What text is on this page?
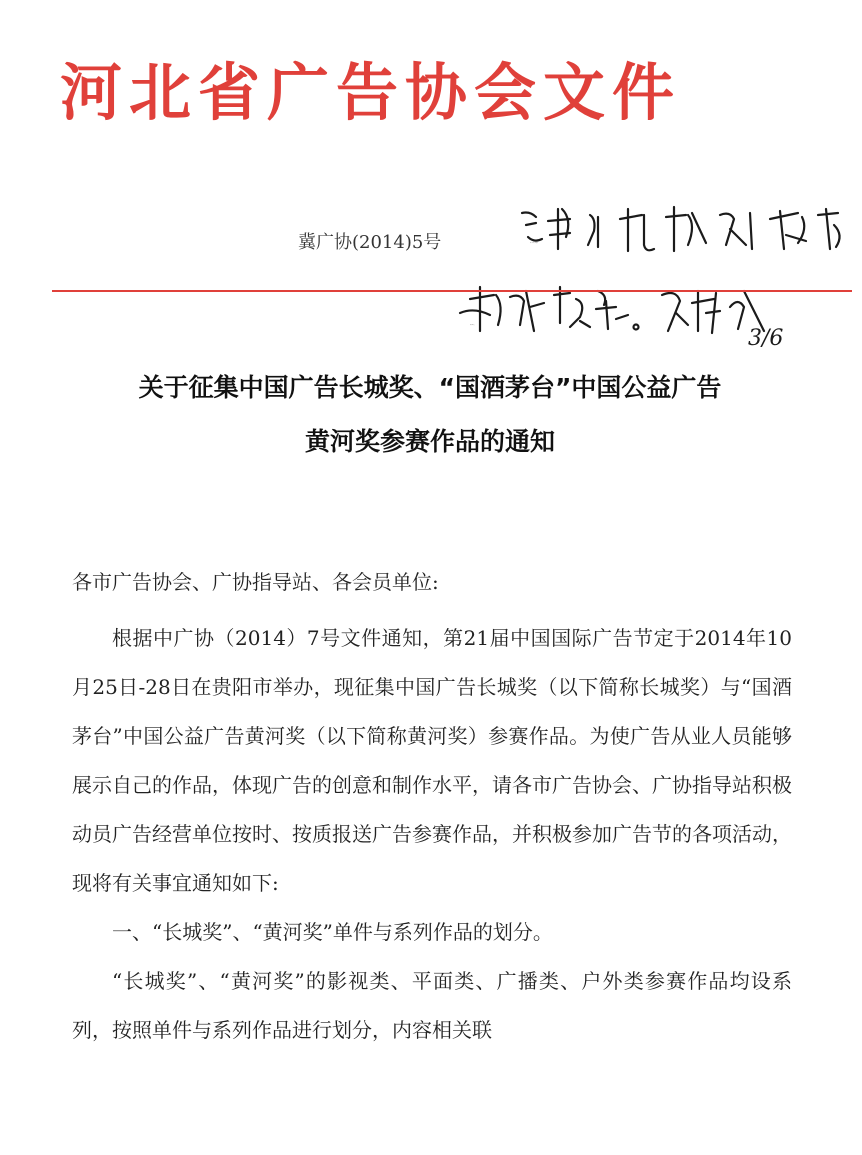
河北省广告协会文件
冀广协(2014)5号	请广协按文件要求
范纬
3/6
抓好落实。
关于征集中国广告长城奖、“国酒茅台”中国公益广告
黄河奖参赛作品的通知
各市广告协会、广协指导站、各会员单位:

根据中广协（2014）7号文件通知，第21届中国国际广告节定于2014年10月25日-28日在贵阳市举办，现征集中国广告长城奖（以下简称长城奖）与“国酒茅台”中国公益广告黄河奖（以下简称黄河奖）参赛作品。为使广告从业人员能够展示自己的作品，体现广告的创意和制作水平，请各市广告协会、广协指导站积极动员广告经营单位按时、按质报送广告参赛作品，并积极参加广告节的各项活动，现将有关事宜通知如下:

一、“长城奖”、“黄河奖”单件与系列作品的划分。

“长城奖”、“黄河奖”的影视类、平面类、广播类、户外类参赛作品均设系列，按照单件与系列作品进行划分，内容相关联
